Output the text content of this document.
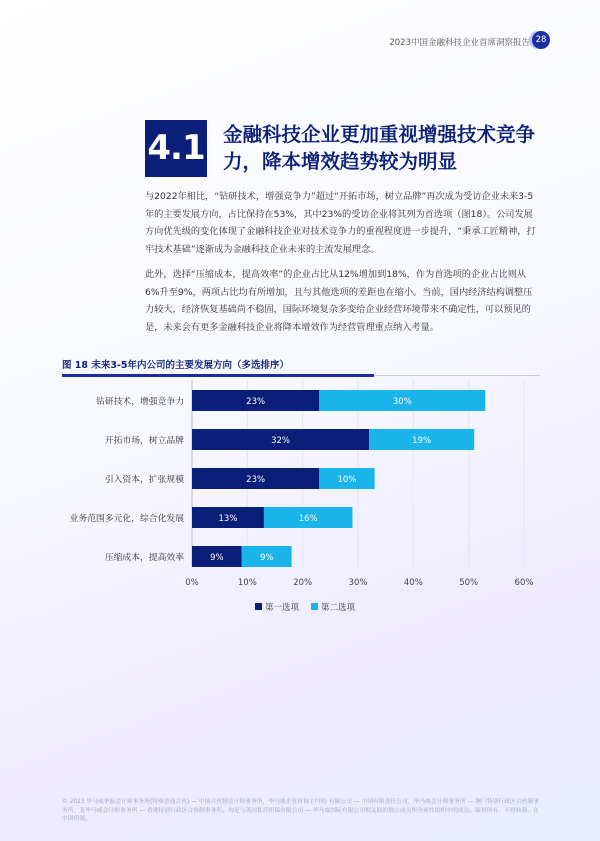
2023中国金融科技企业首席洞察报告 28
4.1 金融科技企业更加重视增强技术竞争力，降本增效趋势较为明显

与2022年相比，“钻研技术，增强竞争力”超过“开拓市场，树立品牌”再次成为受访企业未来3-5年的主要发展方向，占比保持在53%，其中23%的受访企业将其列为首选项（图18）。公司发展方向优先级的变化体现了金融科技企业对技术竞争力的重视程度进一步提升，“秉承工匠精神，打牢技术基础”逐渐成为金融科技企业未来的主流发展理念。

此外，选择“压缩成本，提高效率”的企业占比从12%增加到18%，作为首选项的企业占比则从6%升至9%，两项占比均有所增加，且与其他选项的差距也在缩小。当前，国内经济结构调整压力较大，经济恢复基础尚不稳固，国际环境复杂多变给企业经营环境带来不确定性，可以预见的是，未来会有更多金融科技企业将降本增效作为经营管理重点纳入考量。

图 18 未来3-5年内公司的主要发展方向（多选排序）
0%	10%	20%	30%	40%	50%	60%
钻研技术，增强竞争力	23%	30%
开拓市场，树立品牌	32%	19%
引入资本，扩张规模	23%	10%
业务范围多元化，综合化发展	13%	16%
压缩成本，提高效率	9%	9%
第一选项	第二选项
© 2023 毕马威华振会计师事务所(特殊普通合伙) — 中国合伙制会计师事务所，毕马威企业咨询 (中国) 有限公司 — 中国有限责任公司，毕马威会计师事务所 — 澳门特别行政区合伙制事务所，及毕马威会计师事务所 — 香港特别行政区合伙制事务所，均是与英国私营担保有限公司 — 毕马威国际有限公司相关联的独立成员所全球性组织中的成员。版权所有，不得转载。在中国印制。
